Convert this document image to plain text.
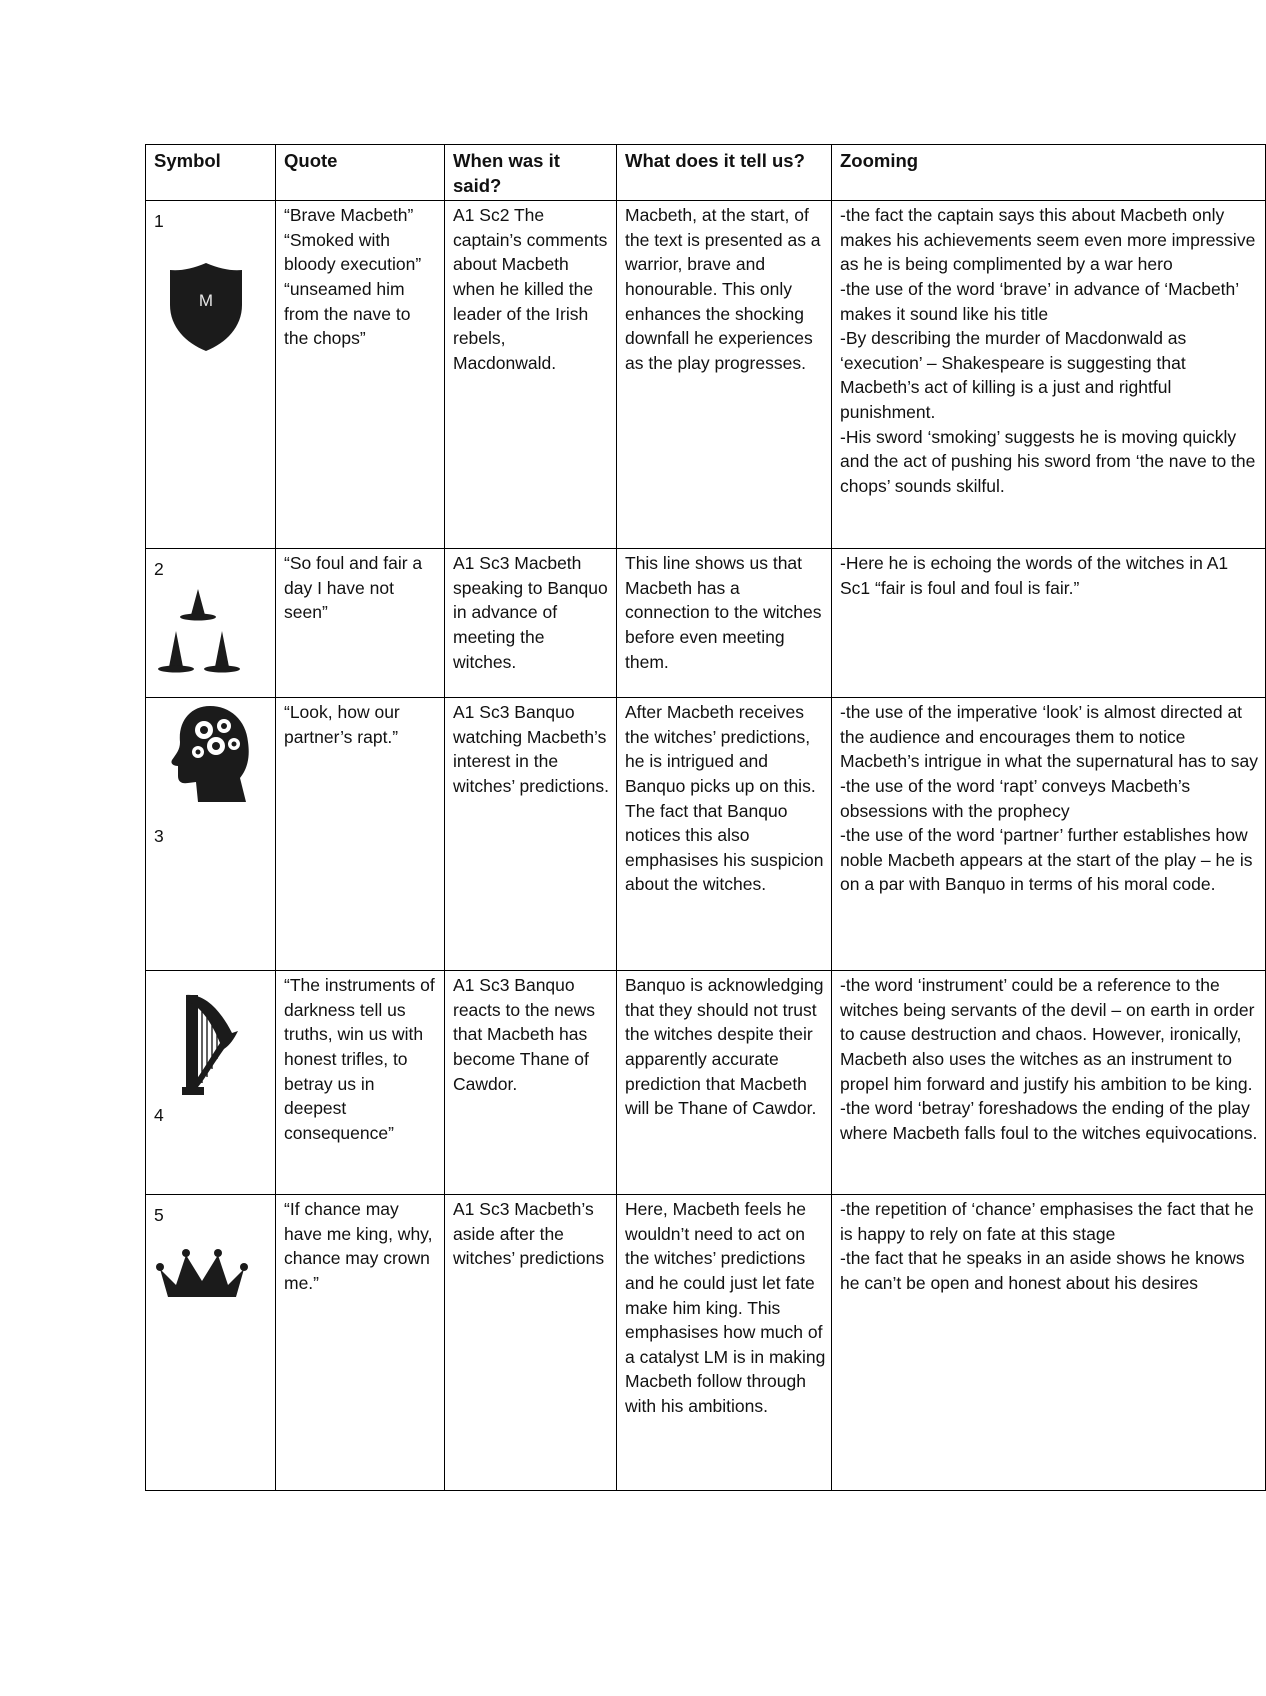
Symbol	Quote	When was it said?	What does it tell us?	Zooming

1
M	“Brave Macbeth” “Smoked with bloody execution” “unseamed him from the nave to the chops”	A1 Sc2 The captain’s comments about Macbeth when he killed the leader of the Irish rebels, Macdonwald.	Macbeth, at the start, of the text is presented as a warrior, brave and honourable. This only enhances the shocking downfall he experiences as the play progresses.	-the fact the captain says this about Macbeth only makes his achievements seem even more impressive as he is being complimented by a war hero
-the use of the word ‘brave’ in advance of ‘Macbeth’ makes it sound like his title
-By describing the murder of Macdonwald as ‘execution’ – Shakespeare is suggesting that Macbeth’s act of killing is a just and rightful punishment.
-His sword ‘smoking’ suggests he is moving quickly and the act of pushing his sword from ‘the nave to the chops’ sounds skilful.

2	“So foul and fair a day I have not seen”	A1 Sc3 Macbeth speaking to Banquo in advance of meeting the witches.	This line shows us that Macbeth has a connection to the witches before even meeting them.	-Here he is echoing the words of the witches in A1 Sc1 “fair is foul and foul is fair.”

3	“Look, how our partner’s rapt.”	A1 Sc3 Banquo watching Macbeth’s interest in the witches’ predictions.	After Macbeth receives the witches’ predictions, he is intrigued and Banquo picks up on this. The fact that Banquo notices this also emphasises his suspicion about the witches.	-the use of the imperative ‘look’ is almost directed at the audience and encourages them to notice Macbeth’s intrigue in what the supernatural has to say
-the use of the word ‘rapt’ conveys Macbeth’s obsessions with the prophecy
-the use of the word ‘partner’ further establishes how noble Macbeth appears at the start of the play – he is on a par with Banquo in terms of his moral code.

4	“The instruments of darkness tell us truths, win us with honest trifles, to betray us in deepest consequence”	A1 Sc3 Banquo reacts to the news that Macbeth has become Thane of Cawdor.	Banquo is acknowledging that they should not trust the witches despite their apparently accurate prediction that Macbeth will be Thane of Cawdor.	-the word ‘instrument’ could be a reference to the witches being servants of the devil – on earth in order to cause destruction and chaos. However, ironically, Macbeth also uses the witches as an instrument to propel him forward and justify his ambition to be king.
-the word ‘betray’ foreshadows the ending of the play where Macbeth falls foul to the witches equivocations.

5	“If chance may have me king, why, chance may crown me.”	A1 Sc3 Macbeth’s aside after the witches’ predictions	Here, Macbeth feels he wouldn’t need to act on the witches’ predictions and he could just let fate make him king. This emphasises how much of a catalyst LM is in making Macbeth follow through with his ambitions.	-the repetition of ‘chance’ emphasises the fact that he is happy to rely on fate at this stage
-the fact that he speaks in an aside shows he knows he can’t be open and honest about his desires
